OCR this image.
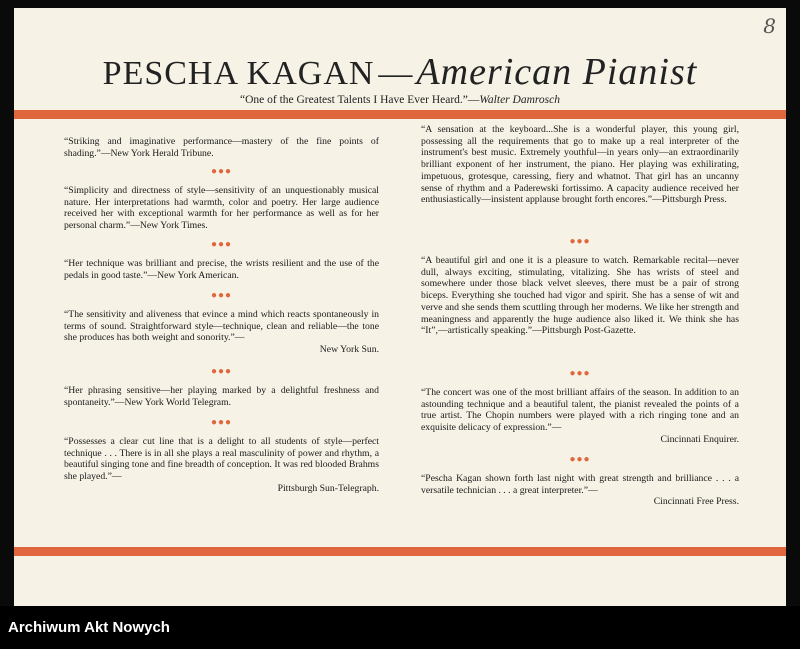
8
PESCHA KAGAN — American Pianist
“One of the Greatest Talents I Have Ever Heard.”—Walter Damrosch
“Striking and imaginative performance—mastery of the fine points of shading.”—New York Herald Tribune.
●●●
“Simplicity and directness of style—sensitivity of an unquestionably musical nature. Her interpretations had warmth, color and poetry. Her large audience received her with exceptional warmth for her performance as well as for her personal charm.”—New York Times.
●●●
“Her technique was brilliant and precise, the wrists resilient and the use of the pedals in good taste.”—New York American.
●●●
“The sensitivity and aliveness that evince a mind which reacts spontaneously in terms of sound. Straightforward style—technique, clean and reliable—the tone she produces has both weight and sonority.”—
New York Sun.
●●●
“Her phrasing sensitive—her playing marked by a delightful freshness and spontaneity.”—New York World Telegram.
●●●
“Possesses a clear cut line that is a delight to all students of style—perfect technique . . . There is in all she plays a real masculinity of power and rhythm, a beautiful singing tone and fine breadth of conception. It was red blooded Brahms she played.”—
Pittsburgh Sun-Telegraph.
“A sensation at the keyboard...She is a wonderful player, this young girl, possessing all the requirements that go to make up a real interpreter of the instrument's best music. Extremely youthful—in years only—an extraordinarily brilliant exponent of her instrument, the piano. Her playing was exhilirating, impetuous, grotesque, caressing, fiery and whatnot. That girl has an uncanny sense of rhythm and a Paderewski fortissimo. A capacity audience received her enthusiastically—insistent applause brought forth encores.”—Pittsburgh Press.
●●●
“A beautiful girl and one it is a pleasure to watch. Remarkable recital—never dull, always exciting, stimulating, vitalizing. She has wrists of steel and somewhere under those black velvet sleeves, there must be a pair of strong biceps. Everything she touched had vigor and spirit. She has a sense of wit and verve and she sends them scuttling through her moderns. We like her strength and meaningness and apparently the huge audience also liked it. We think she has “It”,—artistically speaking.”—Pittsburgh Post-Gazette.
●●●
“The concert was one of the most brilliant affairs of the season. In addition to an astounding technique and a beautiful talent, the pianist revealed the points of a true artist. The Chopin numbers were played with a rich ringing tone and an exquisite delicacy of expression.”—
Cincinnati Enquirer.
●●●
“Pescha Kagan shown forth last night with great strength and brilliance . . . a versatile technician . . . a great interpreter.”—
Cincinnati Free Press.
Archiwum Akt Nowych
